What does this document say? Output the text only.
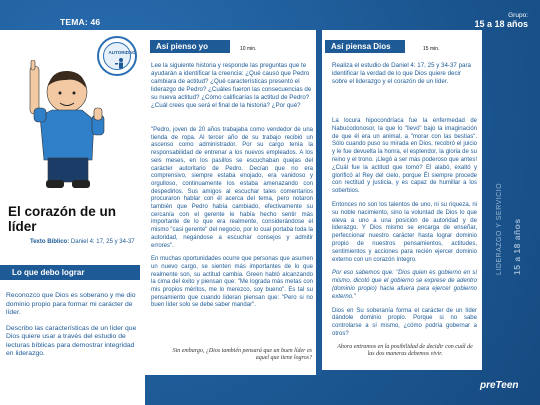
TEMA: 46
Grupo:
15 a 18 años
AUTORIDAD
El corazón de un líder
Texto Bíblico: Daniel 4: 17, 25 y 34-37
Lo que debo lograr

Reconozco que Dios es soberano y me dio dominio propio para formar mi carácter de líder.

Describo las características de un líder que Dios quiere usar a través del estudio de lecturas bíblicas para demostrar integridad en liderazgo.

Así pienso yo	10 min.
Lee la siguiente historia y responde las preguntas que te ayudarán a identificar la creencia: ¿Qué causó que Pedro cambiara de actitud? ¿Qué características presentó el liderazgo de Pedro? ¿Cuáles fueron las consecuencias de su nueva actitud? ¿Cómo calificarías la actitud de Pedro? ¿Cuál crees que será el final de la historia? ¿Por qué?

"Pedro, joven de 20 años trabajaba como vendedor de una tienda de ropa. Al tercer año de su trabajo recibió un ascenso como administrador. Por su cargo tenía la responsabilidad de entrenar a los nuevos empleados. A los seis meses, en los pasillos se escuchaban quejas del carácter autoritario de Pedro. Decían que no era comprensivo, siempre estaba enojado, era vanidoso y orgulloso, continuamente los estaba amenazando con despedirlos. Sus amigos al escuchar tales comentarios procuraron hablar con él acerca del tema, pero notaron también que Pedro había cambiado, efectivamente su cercanía con el gerente le había hecho sentir más importante de lo que era realmente, considerándose el mismo "casi gerente" del negocio, por lo cual portaba toda la autoridad, negándose a escuchar consejos y admitir errores".

En muchas oportunidades ocurre que personas que asumen un nuevo cargo, se sienten más importantes de lo que realmente son, su actitud cambia. Green habló alcanzando la cima del éxito y piensan que: "Me lograda más metas con mis propios méritos, me lo merezco, soy bueno". Es tal su pensamiento que cuando lideran piensan que: "Pero si no buen líder solo se debe saber mandar".

Sin embargo, ¿Dios también pensará que un buen líder es aquel que tiene logros?
Así piensa Dios	15 min.
Realiza el estudio de Daniel 4: 17, 25 y 34-37 para identificar la verdad de lo que Dios quiere decir sobre el liderazgo y el corazón de un líder.

La locura hipocondríaca fue la enfermedad de Nabucodonosor, la que lo "llevó" bajo la imaginación de que él era un animal, a "morar con las bestias". Sólo cuando puso su mirada en Dios, recobró el juicio y le fue devuelta la honra, el esplendor, la gloria de su reino y el trono. ¡Llegó a ser más poderoso que antes! ¿Cuál fue la actitud que tomó? El alabó, exaltó y glorificó al Rey del cielo, porque Él siempre procede con rectitud y justicia, y es capaz de humillar a los soberbios.

Entonces no son los talentos de uno, ni su riqueza, ni su noble nacimiento, sino la voluntad de Dios lo que eleva a uno a una posición de autoridad y de liderazgo. Y Dios mismo se encarga de enseñar, perfeccionar nuestro carácter hasta lograr dominio propio de nuestros pensamientos, actitudes, sentimientos y acciones para recién ejercer dominio externo con un corazón íntegro.

Por eso sabemos que: "Dios quien es gobierno en sí mismo, dicotó que el gobierno se exprese de adentro (dominio propio) hacia afuera para ejercer gobierno externo."

Dios en Su soberanía forma el carácter de un líder dándole dominio propio. Porque si no sabe controlarse a sí mismo, ¿cómo podría gobernar a otros?

Ahora entramos en la posibilidad de decidir con cuál de las dos maneras debemos vivir.
LIDERAZGO Y SERVICIO 15 a 18 años
preTeen
